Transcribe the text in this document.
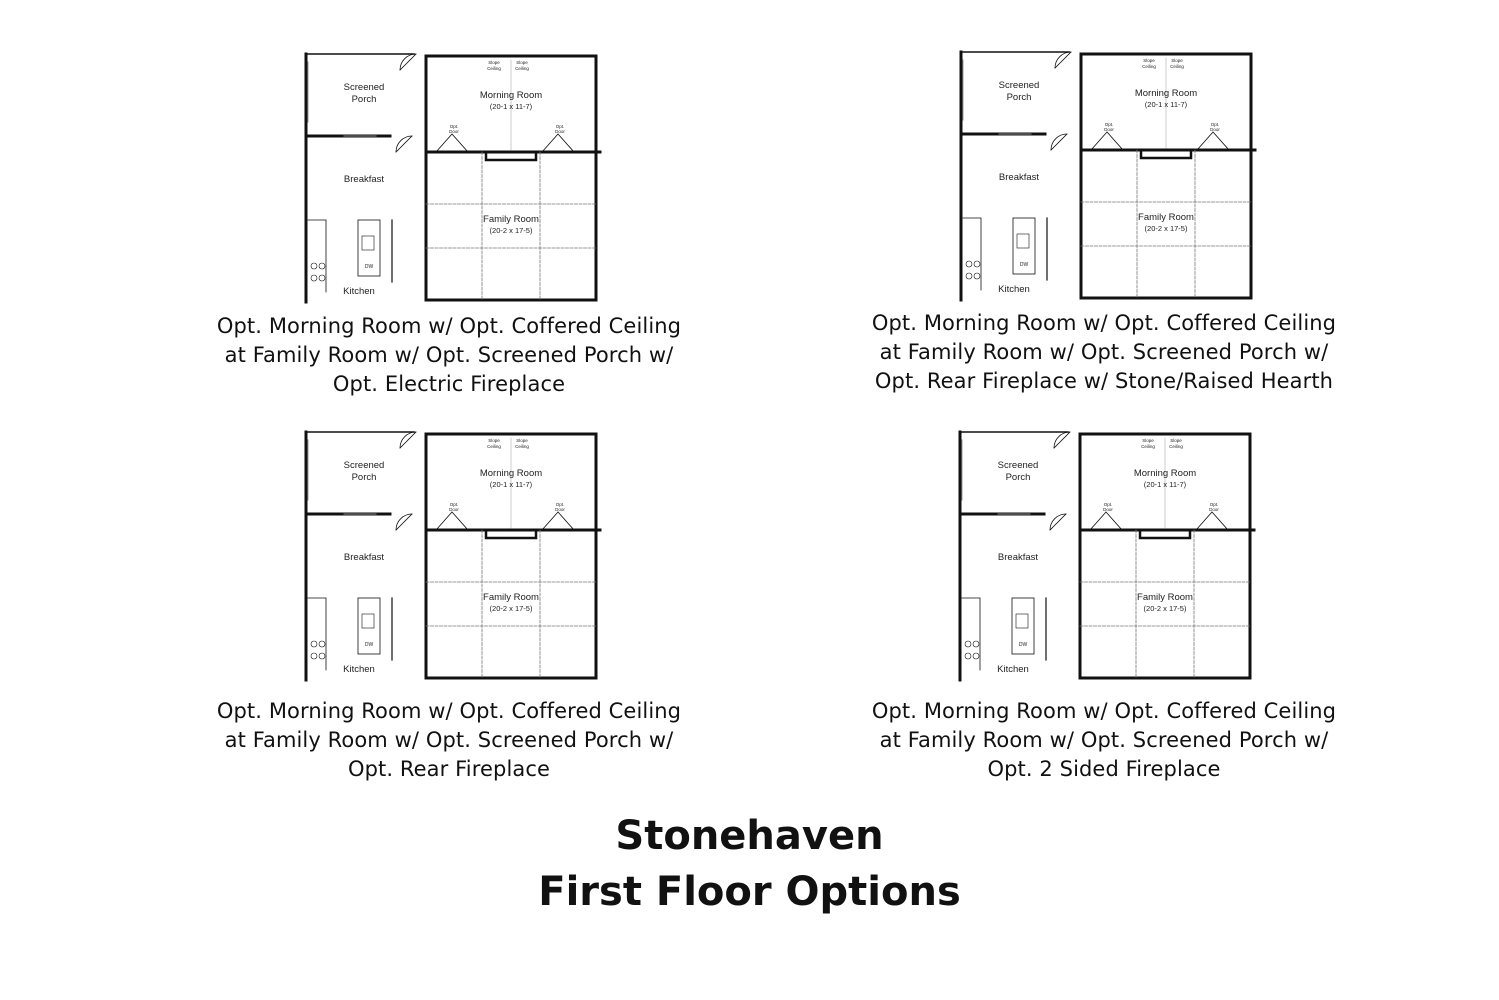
Screened
Porch	Morning Room
(20-1 x 11-7)
Slope
Ceiling
Slope
Ceiling
Opt.
Door
Opt.
Door
Breakfast
Family Room
(20-2 x 17-5)
DW
Kitchen
Screened
Porch	Morning Room
(20-1 x 11-7)
Slope
Ceiling
Slope
Ceiling
Opt.
Door
Opt.
Door
Breakfast
Family Room
(20-2 x 17-5)
DW
Kitchen
Screened
Porch	Morning Room
(20-1 x 11-7)
Slope
Ceiling
Slope
Ceiling
Opt.
Door
Opt.
Door
Breakfast
Family Room
(20-2 x 17-5)
DW
Kitchen
Screened
Porch	Morning Room
(20-1 x 11-7)
Slope
Ceiling
Slope
Ceiling
Opt.
Door
Opt.
Door
Breakfast
Family Room
(20-2 x 17-5)
DW
Kitchen
Opt. Morning Room w/ Opt. Coffered Ceiling
at Family Room w/ Opt. Screened Porch w/
Opt. Electric Fireplace
Opt. Morning Room w/ Opt. Coffered Ceiling
at Family Room w/ Opt. Screened Porch w/
Opt. Rear Fireplace w/ Stone/Raised Hearth
Opt. Morning Room w/ Opt. Coffered Ceiling
at Family Room w/ Opt. Screened Porch w/
Opt. Rear Fireplace
Opt. Morning Room w/ Opt. Coffered Ceiling
at Family Room w/ Opt. Screened Porch w/
Opt. 2 Sided Fireplace
Stonehaven
First Floor Options
